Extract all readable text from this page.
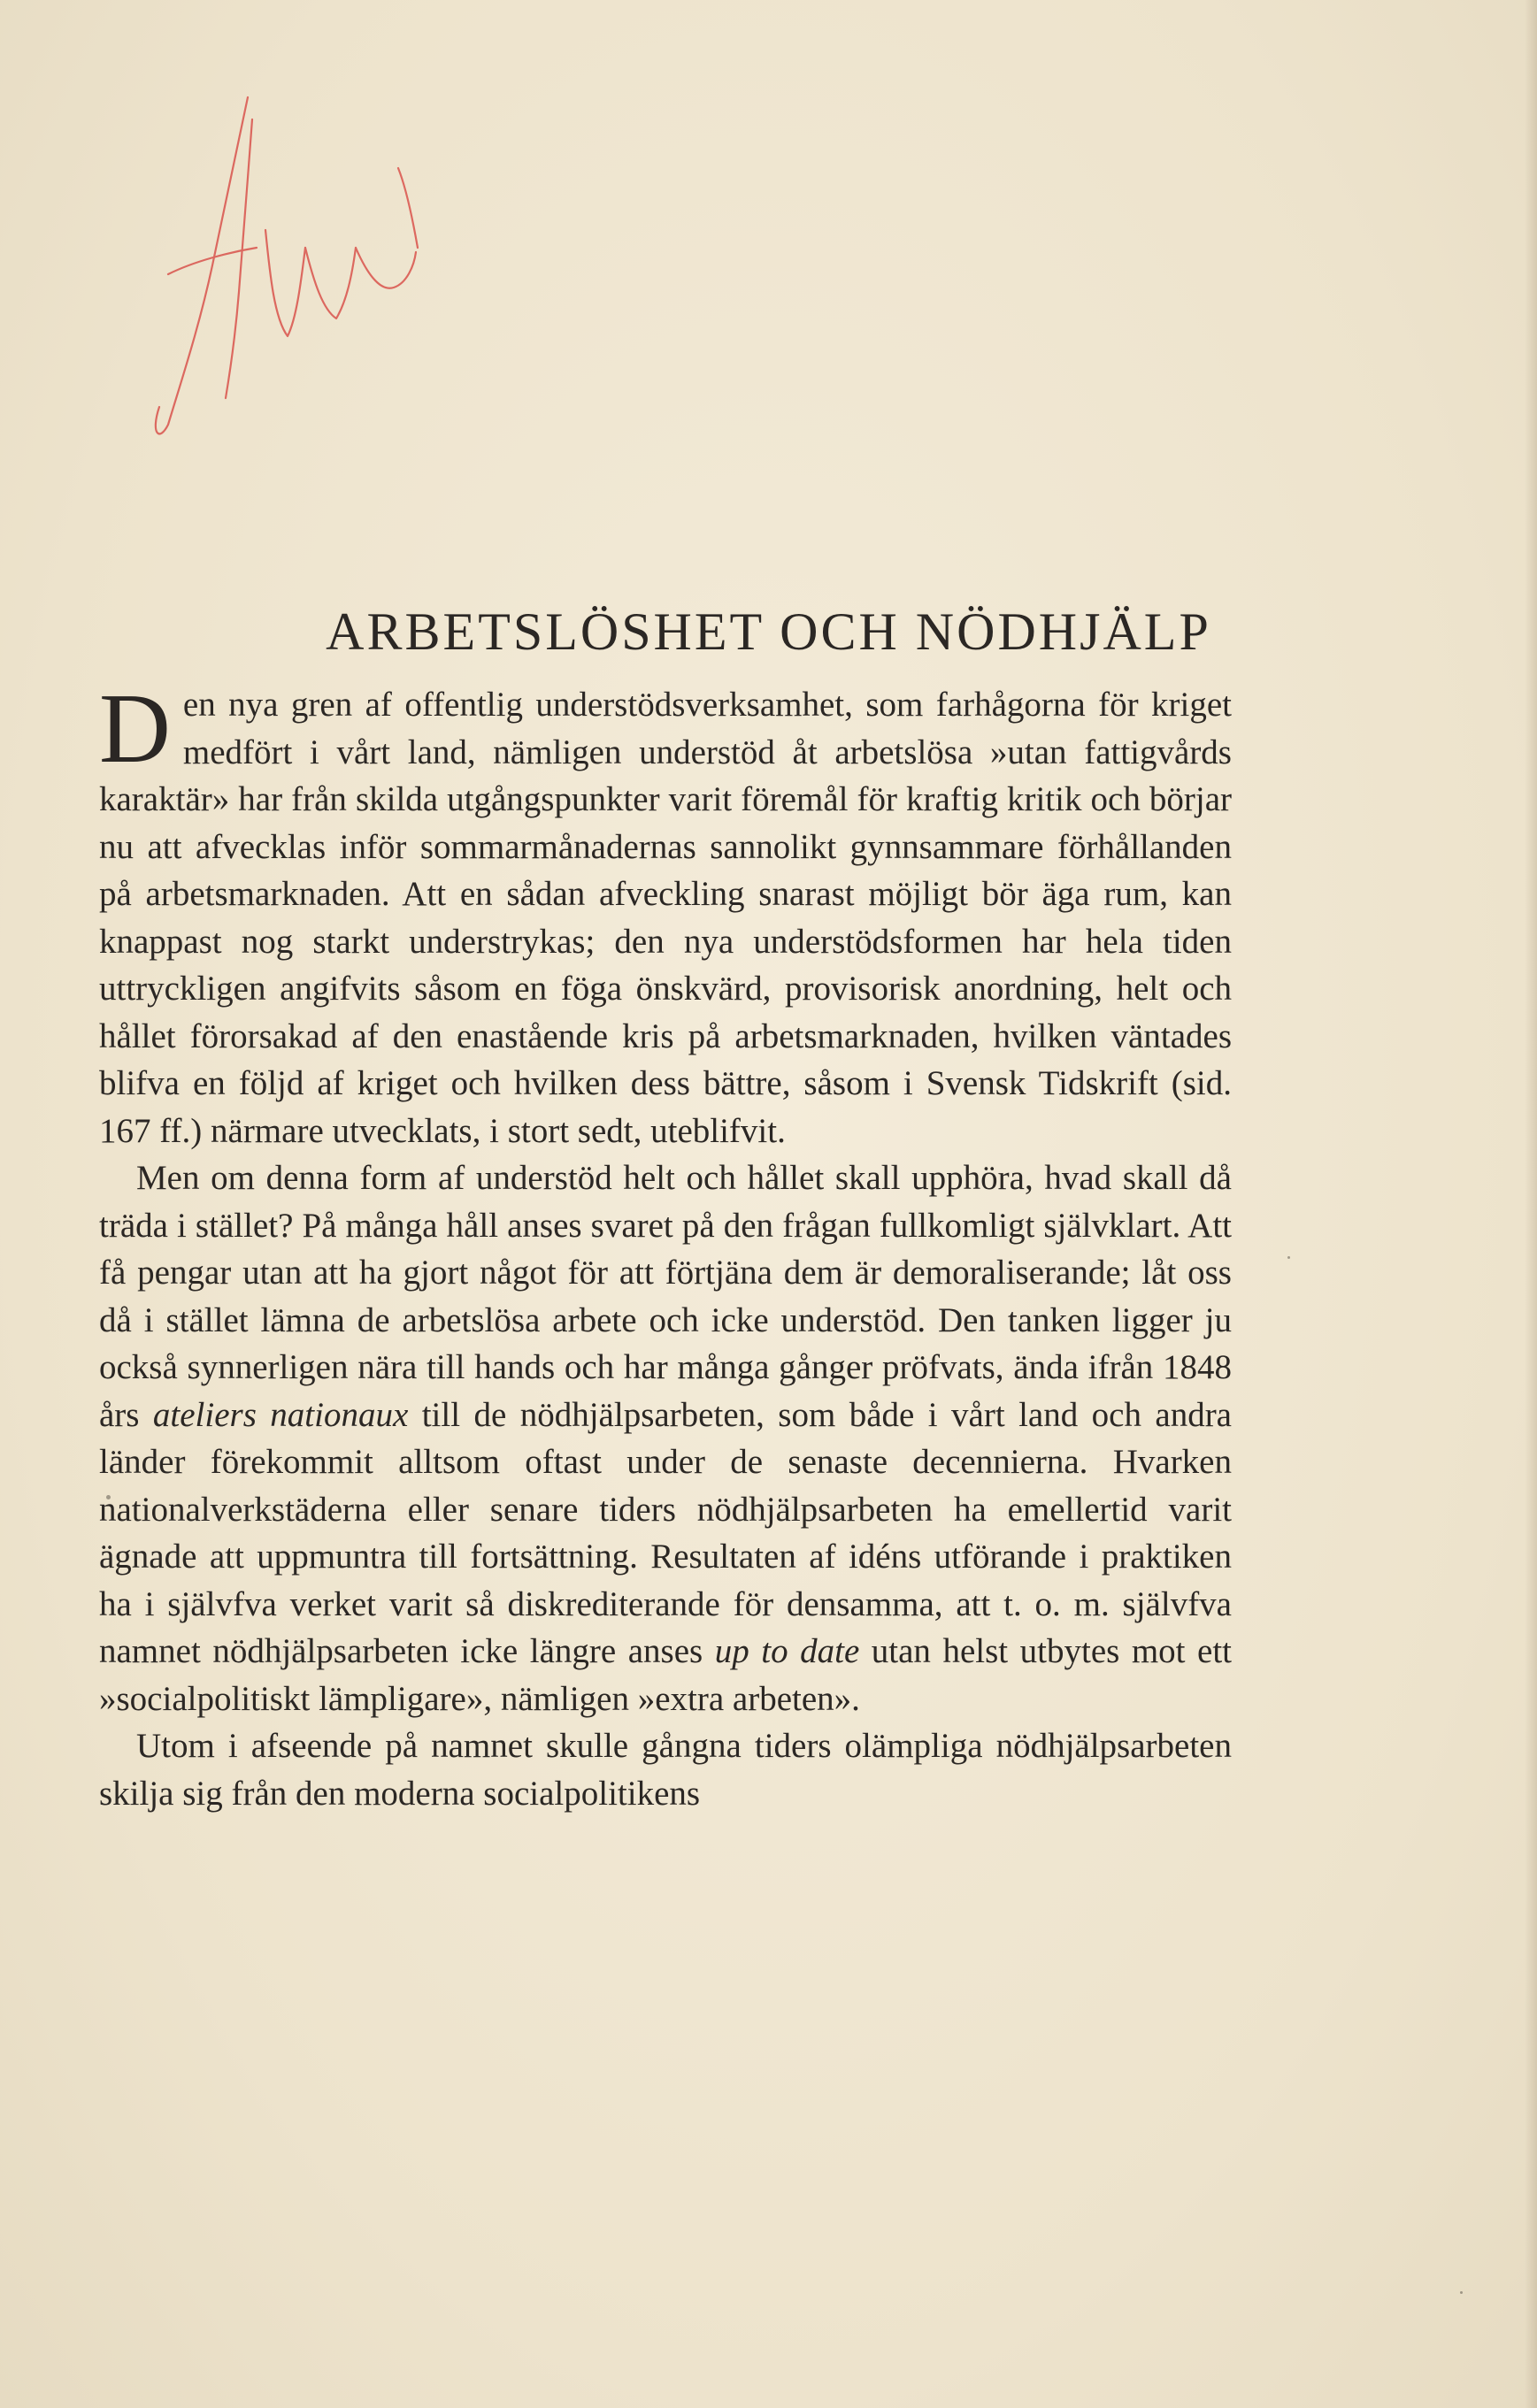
ARBETSLÖSHET OCH NÖDHJÄLP

Den nya gren af offentlig understödsverksamhet, som farhågorna för kriget medfört i vårt land, nämligen understöd åt arbetslösa »utan fattigvårds karaktär» har från skilda utgångspunkter varit föremål för kraftig kritik och börjar nu att afvecklas inför sommarmånadernas sannolikt gynnsammare förhållanden på arbetsmarknaden. Att en sådan afveckling snarast möjligt bör äga rum, kan knappast nog starkt understrykas; den nya understödsformen har hela tiden uttryckligen angifvits såsom en föga önskvärd, provisorisk anordning, helt och hållet förorsakad af den enastående kris på arbetsmarknaden, hvilken väntades blifva en följd af kriget och hvilken dess bättre, såsom i Svensk Tidskrift (sid. 167 ff.) närmare utvecklats, i stort sedt, uteblifvit.

Men om denna form af understöd helt och hållet skall upphöra, hvad skall då träda i stället? På många håll anses svaret på den frågan fullkomligt självklart. Att få pengar utan att ha gjort något för att förtjäna dem är demoraliserande; låt oss då i stället lämna de arbetslösa arbete och icke understöd. Den tanken ligger ju också synnerligen nära till hands och har många gånger pröfvats, ända ifrån 1848 års ateliers nationaux till de nödhjälpsarbeten, som både i vårt land och andra länder förekommit alltsom oftast under de senaste decennierna. Hvarken nationalverkstäderna eller senare tiders nödhjälpsarbeten ha emellertid varit ägnade att uppmuntra till fortsättning. Resultaten af idéns utförande i praktiken ha i självfva verket varit så diskrediterande för densamma, att t. o. m. självfva namnet nödhjälpsarbeten icke längre anses up to date utan helst utbytes mot ett »socialpolitiskt lämpligare», nämligen »extra arbeten».

Utom i afseende på namnet skulle gångna tiders olämpliga nödhjälpsarbeten skilja sig från den moderna socialpolitikens
